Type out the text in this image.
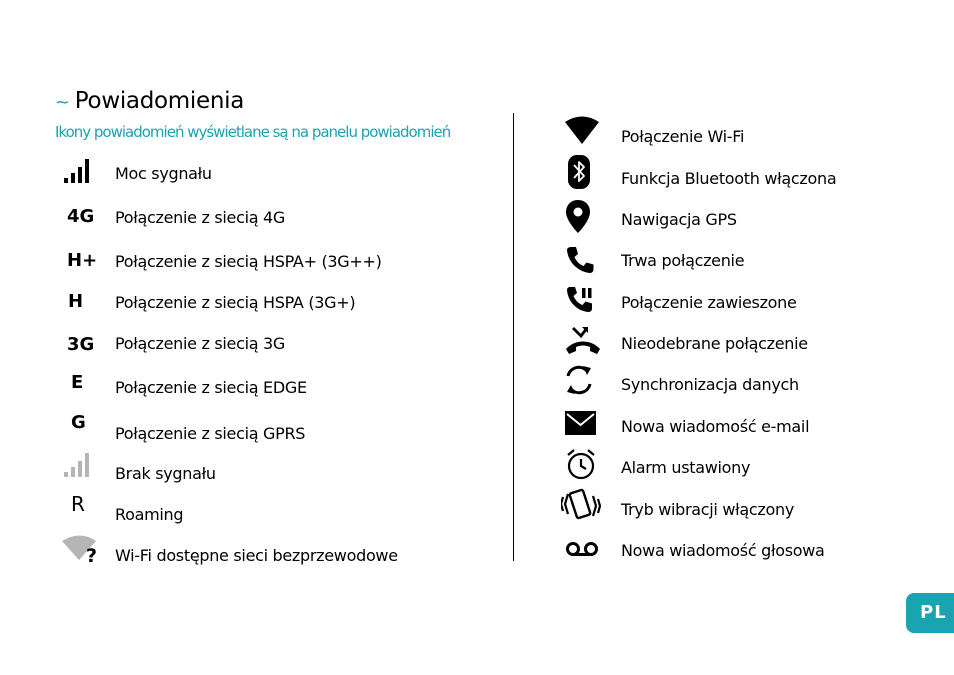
~ Powiadomienia
Ikony powiadomień wyświetlane są na panelu powiadomień
Moc sygnału
4G Połączenie z siecią 4G
H+ Połączenie z siecią HSPA+ (3G++)
H Połączenie z siecią HSPA (3G+)
3G Połączenie z siecią 3G
E Połączenie z siecią EDGE
G
Połączenie z siecią GPRS
Brak sygnału
R Roaming
? Wi-Fi dostępne sieci bezprzewodowe
Połączenie Wi-Fi
Funkcja Bluetooth włączona
Nawigacja GPS
Trwa połączenie
Połączenie zawieszone
Nieodebrane połączenie
Synchronizacja danych
Nowa wiadomość e-mail
Alarm ustawiony
Tryb wibracji włączony
Nowa wiadomość głosowa
PL
